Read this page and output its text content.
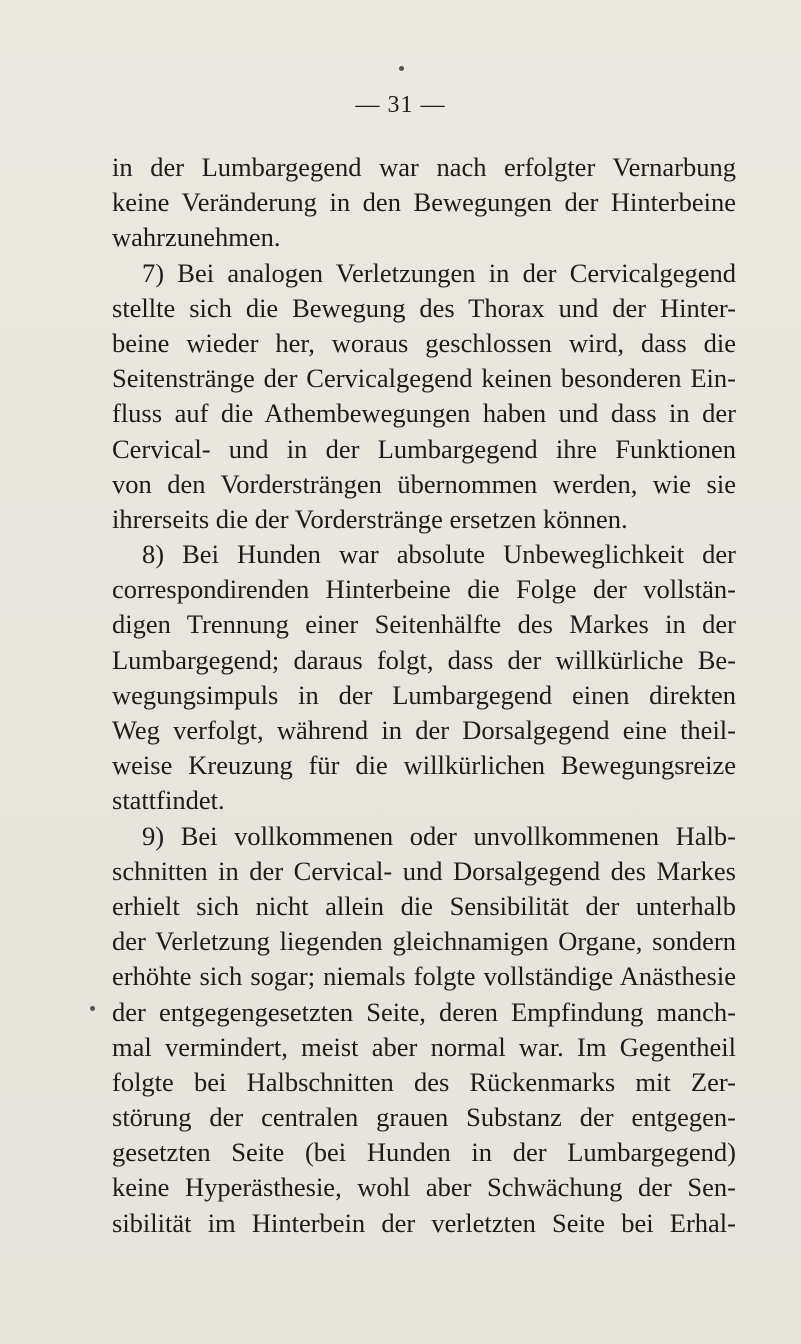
— 31 —
in der Lumbargegend war nach erfolgter Vernarbung
keine Veränderung in den Bewegungen der Hinterbeine
wahrzunehmen.
7) Bei analogen Verletzungen in der Cervicalgegend
stellte sich die Bewegung des Thorax und der Hinter-
beine wieder her, woraus geschlossen wird, dass die
Seitenstränge der Cervicalgegend keinen besonderen Ein-
fluss auf die Athembewegungen haben und dass in der
Cervical- und in der Lumbargegend ihre Funktionen
von den Vordersträngen übernommen werden, wie sie
ihrerseits die der Vorderstränge ersetzen können.
8) Bei Hunden war absolute Unbeweglichkeit der
correspondirenden Hinterbeine die Folge der vollstän-
digen Trennung einer Seitenhälfte des Markes in der
Lumbargegend; daraus folgt, dass der willkürliche Be-
wegungsimpuls in der Lumbargegend einen direkten
Weg verfolgt, während in der Dorsalgegend eine theil-
weise Kreuzung für die willkürlichen Bewegungsreize
stattfindet.
9) Bei vollkommenen oder unvollkommenen Halb-
schnitten in der Cervical- und Dorsalgegend des Markes
erhielt sich nicht allein die Sensibilität der unterhalb
der Verletzung liegenden gleichnamigen Organe, sondern
erhöhte sich sogar; niemals folgte vollständige Anästhesie
der entgegengesetzten Seite, deren Empfindung manch-
mal vermindert, meist aber normal war. Im Gegentheil
folgte bei Halbschnitten des Rückenmarks mit Zer-
störung der centralen grauen Substanz der entgegen-
gesetzten Seite (bei Hunden in der Lumbargegend)
keine Hyperästhesie, wohl aber Schwächung der Sen-
sibilität im Hinterbein der verletzten Seite bei Erhal-
